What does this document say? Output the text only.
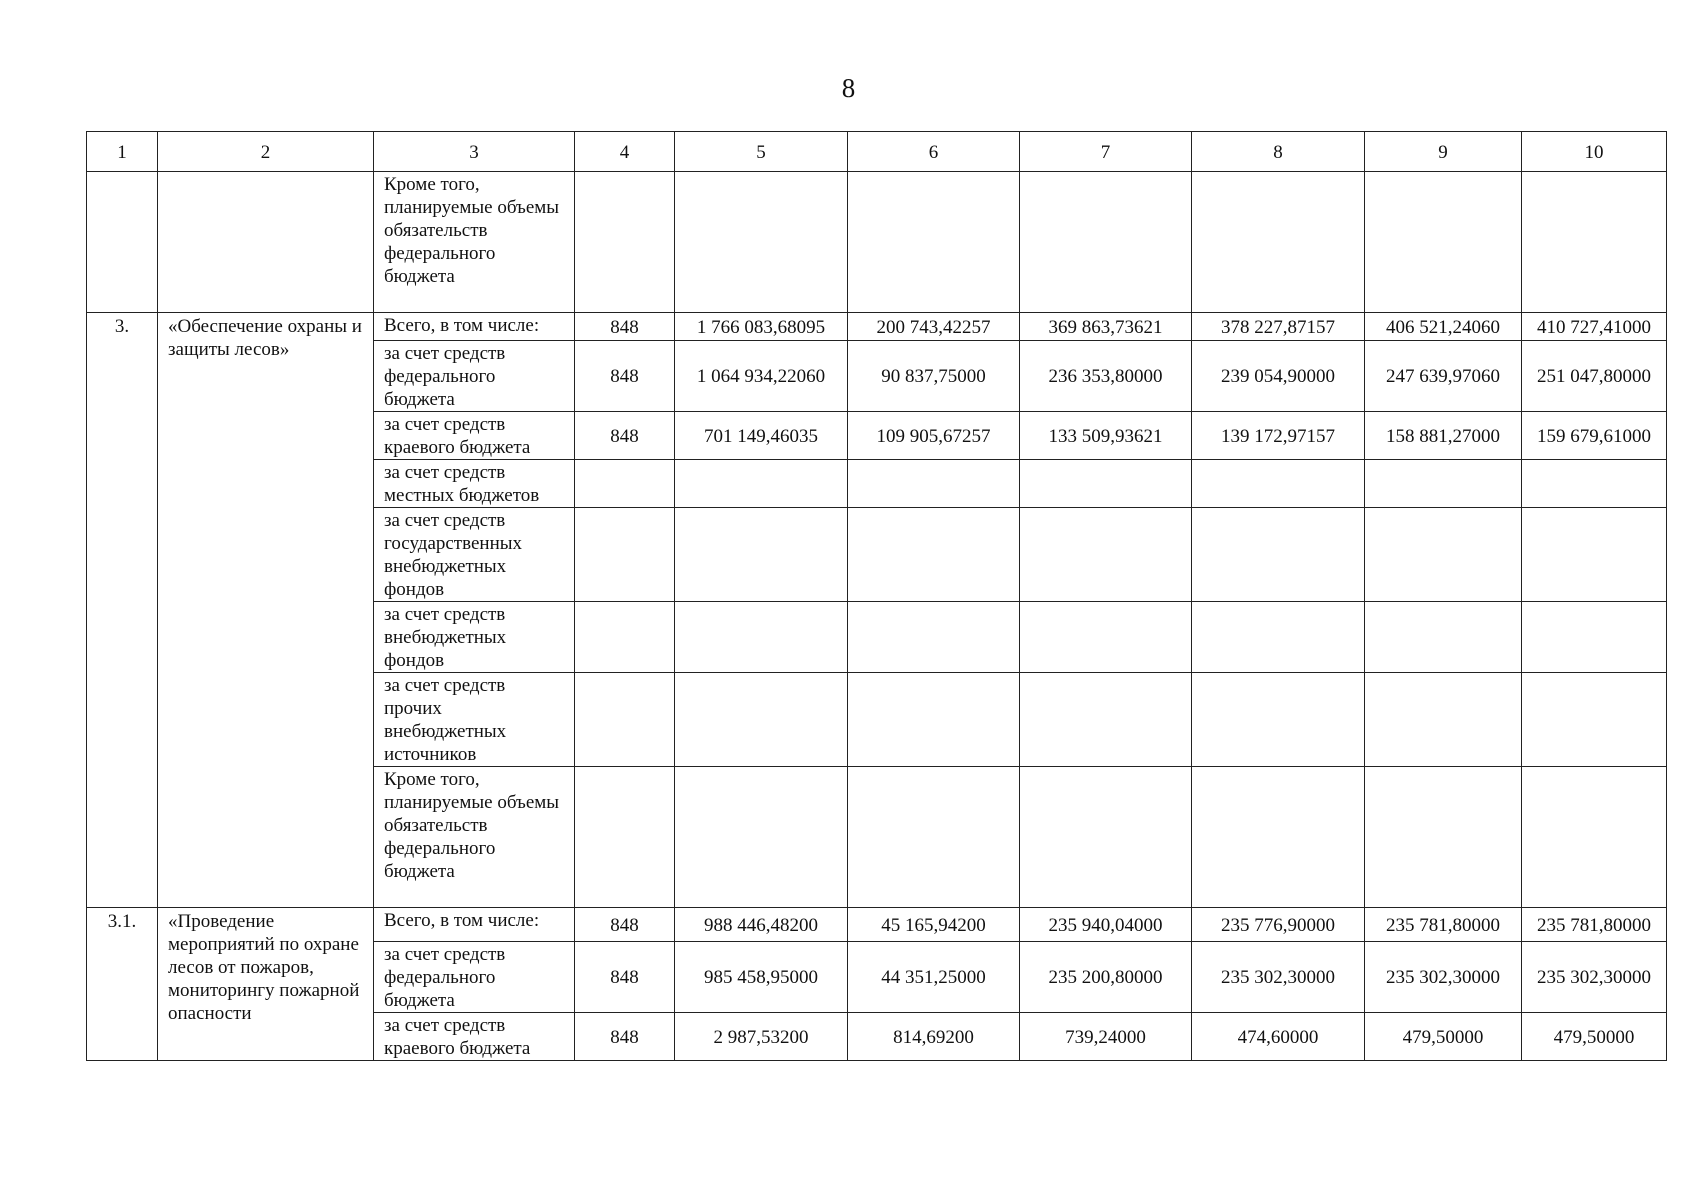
8
1	2	3	4	5	6	7	8	9	10
		Кроме того, планируемые объемы обязательств федерального бюджета							
3.	«Обеспечение охраны и защиты лесов»	Всего, в том числе:	848	1 766 083,68095	200 743,42257	369 863,73621	378 227,87157	406 521,24060	410 727,41000
		за счет средств федерального бюджета	848	1 064 934,22060	90 837,75000	236 353,80000	239 054,90000	247 639,97060	251 047,80000
		за счет средств краевого бюджета	848	701 149,46035	109 905,67257	133 509,93621	139 172,97157	158 881,27000	159 679,61000
		за счет средств местных бюджетов							
		за счет средств государственных внебюджетных фондов							
		за счет средств внебюджетных фондов							
		за счет средств прочих внебюджетных источников							
		Кроме того, планируемые объемы обязательств федерального бюджета							
3.1.	«Проведение мероприятий по охране лесов от пожаров, мониторингу пожарной опасности	Всего, в том числе:	848	988 446,48200	45 165,94200	235 940,04000	235 776,90000	235 781,80000	235 781,80000
		за счет средств федерального бюджета	848	985 458,95000	44 351,25000	235 200,80000	235 302,30000	235 302,30000	235 302,30000
		за счет средств краевого бюджета	848	2 987,53200	814,69200	739,24000	474,60000	479,50000	479,50000
